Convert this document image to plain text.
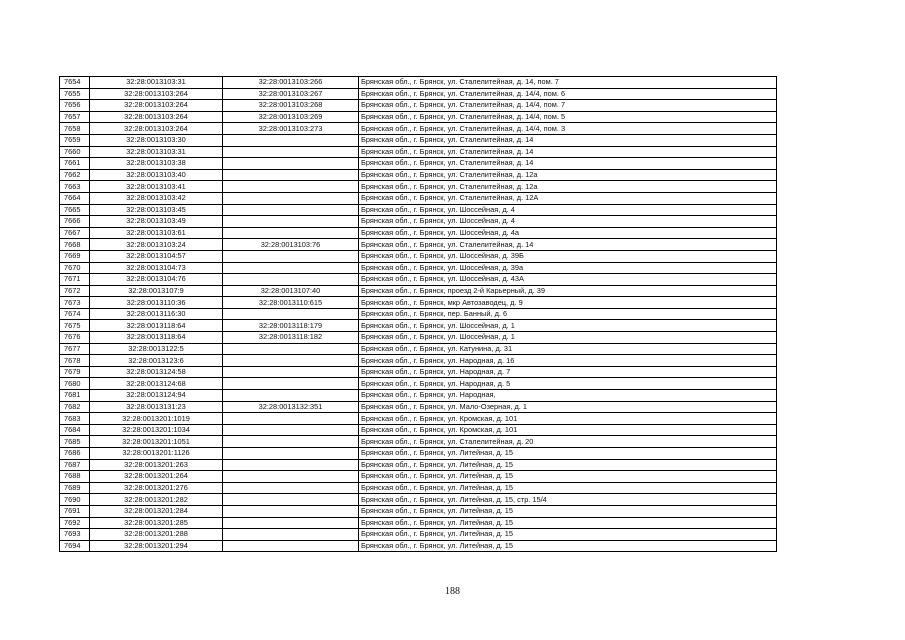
7654	32:28:0013103:31	32:28:0013103:266	Брянская обл., г. Брянск, ул. Сталелитейная, д. 14, пом. 7
7655	32:28:0013103:264	32:28:0013103:267	Брянская обл., г. Брянск, ул. Сталелитейная, д. 14/4, пом. 6
7656	32:28:0013103:264	32:28:0013103:268	Брянская обл., г. Брянск, ул. Сталелитейная, д. 14/4, пом. 7
7657	32:28:0013103:264	32:28:0013103:269	Брянская обл., г. Брянск, ул. Сталелитейная, д. 14/4, пом. 5
7658	32:28:0013103:264	32:28:0013103:273	Брянская обл., г. Брянск, ул. Сталелитейная, д. 14/4, пом. 3
7659	32:28:0013103:30		Брянская обл., г. Брянск, ул. Сталелитейная, д. 14
7660	32:28:0013103:31		Брянская обл., г. Брянск, ул. Сталелитейная, д. 14
7661	32:28:0013103:38		Брянская обл., г. Брянск, ул. Сталелитейная, д. 14
7662	32:28:0013103:40		Брянская обл., г. Брянск, ул. Сталелитейная, д. 12а
7663	32:28:0013103:41		Брянская обл., г. Брянск, ул. Сталелитейная, д. 12а
7664	32:28:0013103:42		Брянская обл., г. Брянск, ул. Сталелитейная, д. 12А
7665	32:28:0013103:45		Брянская обл., г. Брянск, ул. Шоссейная, д. 4
7666	32:28:0013103:49		Брянская обл., г. Брянск, ул. Шоссейная, д. 4
7667	32:28:0013103:61		Брянская обл., г. Брянск, ул. Шоссейная, д. 4а
7668	32:28:0013103:24	32:28:0013103:76	Брянская обл., г. Брянск, ул. Сталелитейная, д. 14
7669	32:28:0013104:57		Брянская обл., г. Брянск, ул. Шоссейная, д. 39Б
7670	32:28:0013104:73		Брянская обл., г. Брянск, ул. Шоссейная, д. 39а
7671	32:28:0013104:76		Брянская обл., г. Брянск, ул. Шоссейная, д. 43А
7672	32:28:0013107:9	32:28:0013107:40	Брянская обл., г. Брянск, проезд 2-й Карьерный, д. 39
7673	32:28:0013110:36	32:28:0013110:615	Брянская обл., г. Брянск, мкр Автозаводец, д. 9
7674	32:28:0013116:30		Брянская обл., г. Брянск, пер. Банный, д. 6
7675	32:28:0013118:64	32:28:0013118:179	Брянская обл., г. Брянск, ул. Шоссейная, д. 1
7676	32:28:0013118:64	32:28:0013118:182	Брянская обл., г. Брянск, ул. Шоссейная, д. 1
7677	32:28:0013122:5		Брянская обл., г. Брянск, ул. Катунина, д. 31
7678	32:28:0013123:6		Брянская обл., г. Брянск, ул. Народная, д. 16
7679	32:28:0013124:58		Брянская обл., г. Брянск, ул. Народная, д. 7
7680	32:28:0013124:68		Брянская обл., г. Брянск, ул. Народная, д. 5
7681	32:28:0013124:94		Брянская обл., г. Брянск, ул. Народная,
7682	32:28:0013131:23	32:28:0013132:351	Брянская обл., г. Брянск, ул. Мало-Озерная, д. 1
7683	32:28:0013201:1019		Брянская обл., г. Брянск, ул. Кромская, д. 101
7684	32:28:0013201:1034		Брянская обл., г. Брянск, ул. Кромская, д. 101
7685	32:28:0013201:1051		Брянская обл., г. Брянск, ул. Сталелитейная, д. 20
7686	32:28:0013201:1126		Брянская обл., г. Брянск, ул. Литейная, д. 15
7687	32:28:0013201:263		Брянская обл., г. Брянск, ул. Литейная, д. 15
7688	32:28:0013201:264		Брянская обл., г. Брянск, ул. Литейная, д. 15
7689	32:28:0013201:276		Брянская обл., г. Брянск, ул. Литейная, д. 15
7690	32:28:0013201:282		Брянская обл., г. Брянск, ул. Литейная, д. 15, стр. 15/4
7691	32:28:0013201:284		Брянская обл., г. Брянск, ул. Литейная, д. 15
7692	32:28:0013201:285		Брянская обл., г. Брянск, ул. Литейная, д. 15
7693	32:28:0013201:288		Брянская обл., г. Брянск, ул. Литейная, д. 15
7694	32:28:0013201:294		Брянская обл., г. Брянск, ул. Литейная, д. 15
188
